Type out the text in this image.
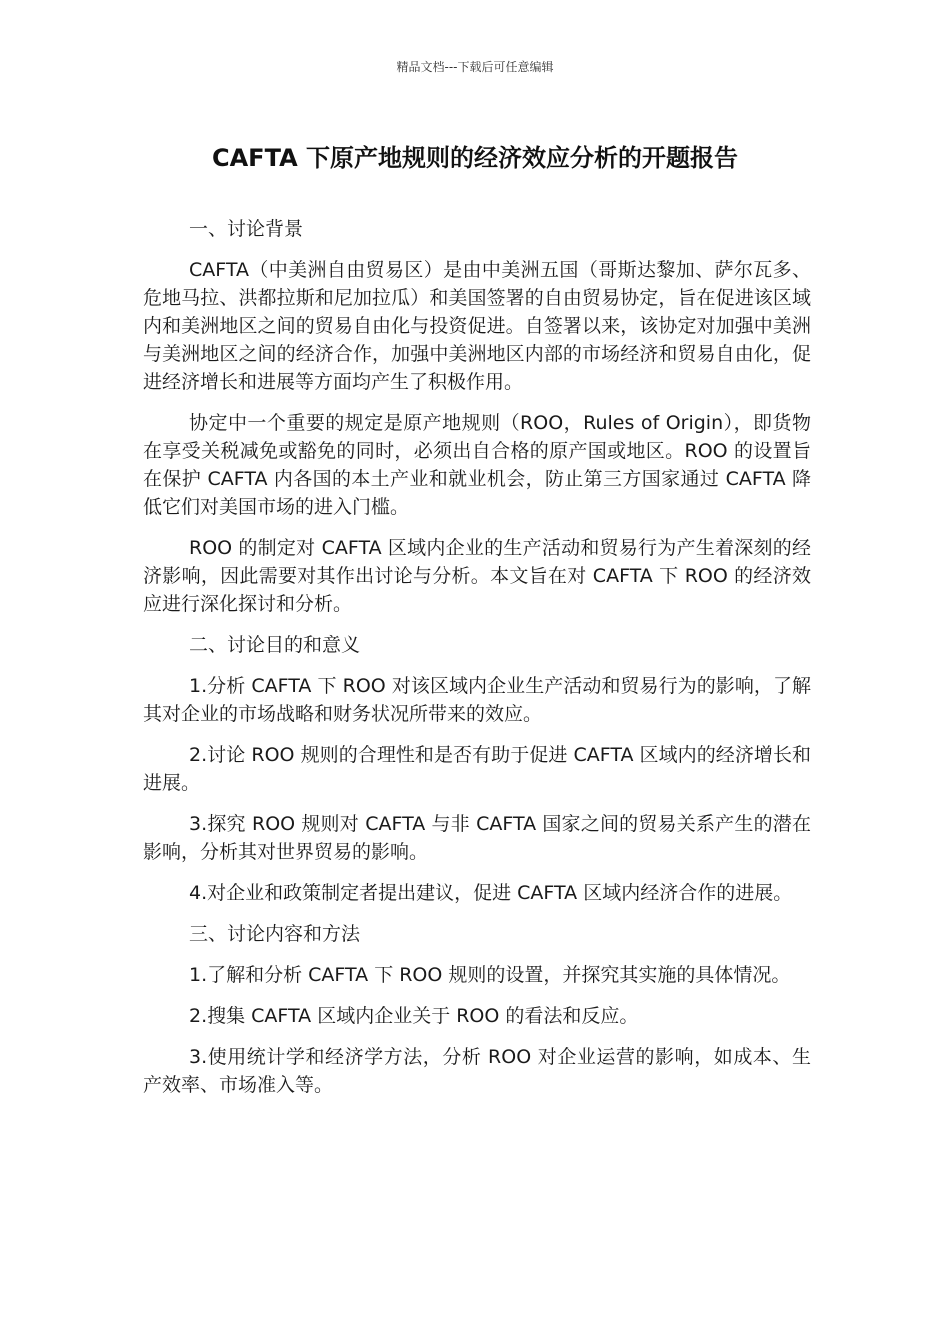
精品文档---下载后可任意编辑
CAFTA 下原产地规则的经济效应分析的开题报告

一、讨论背景

CAFTA（中美洲自由贸易区）是由中美洲五国（哥斯达黎加、萨尔瓦多、危地马拉、洪都拉斯和尼加拉瓜）和美国签署的自由贸易协定，旨在促进该区域内和美洲地区之间的贸易自由化与投资促进。自签署以来，该协定对加强中美洲与美洲地区之间的经济合作，加强中美洲地区内部的市场经济和贸易自由化，促进经济增长和进展等方面均产生了积极作用。

协定中一个重要的规定是原产地规则（ROO，Rules of Origin），即货物在享受关税减免或豁免的同时，必须出自合格的原产国或地区。ROO 的设置旨在保护 CAFTA 内各国的本土产业和就业机会，防止第三方国家通过 CAFTA 降低它们对美国市场的进入门槛。

ROO 的制定对 CAFTA 区域内企业的生产活动和贸易行为产生着深刻的经济影响，因此需要对其作出讨论与分析。本文旨在对 CAFTA 下 ROO 的经济效应进行深化探讨和分析。

二、讨论目的和意义

1.分析 CAFTA 下 ROO 对该区域内企业生产活动和贸易行为的影响，了解其对企业的市场战略和财务状况所带来的效应。

2.讨论 ROO 规则的合理性和是否有助于促进 CAFTA 区域内的经济增长和进展。

3.探究 ROO 规则对 CAFTA 与非 CAFTA 国家之间的贸易关系产生的潜在影响，分析其对世界贸易的影响。

4.对企业和政策制定者提出建议，促进 CAFTA 区域内经济合作的进展。

三、讨论内容和方法

1.了解和分析 CAFTA 下 ROO 规则的设置，并探究其实施的具体情况。

2.搜集 CAFTA 区域内企业关于 ROO 的看法和反应。

3.使用统计学和经济学方法，分析 ROO 对企业运营的影响，如成本、生产效率、市场准入等。
